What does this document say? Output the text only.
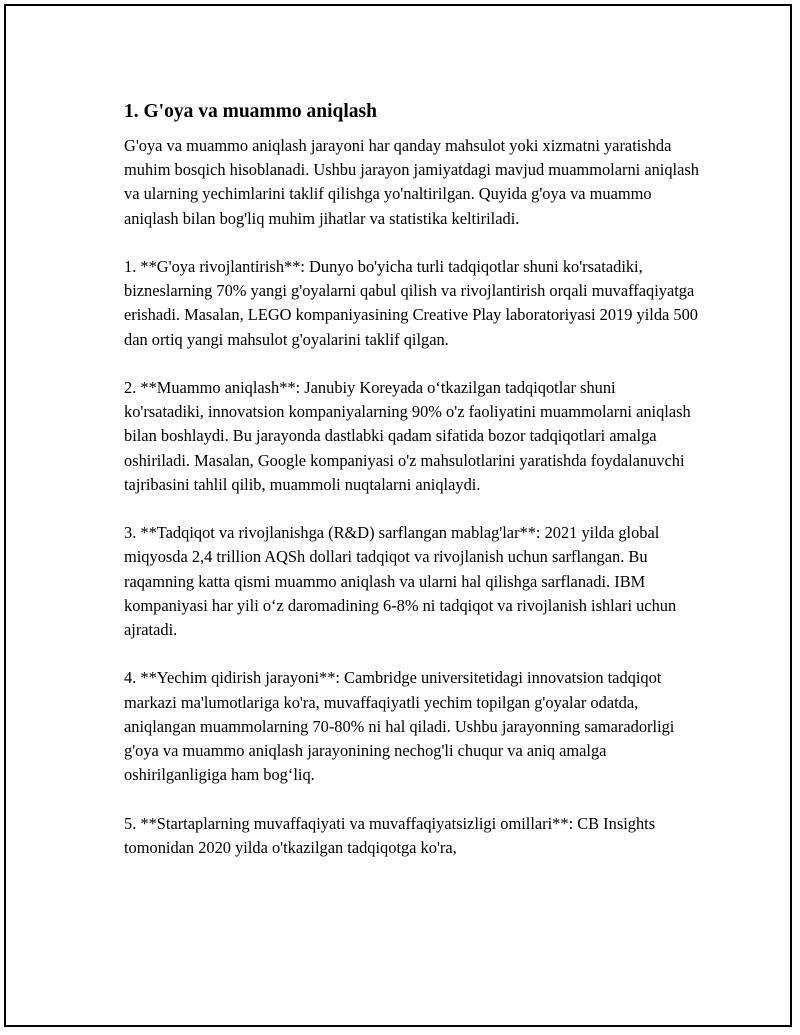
1. G'oya va muammo aniqlash

G'oya va muammo aniqlash jarayoni har qanday mahsulot yoki xizmatni yaratishda muhim bosqich hisoblanadi. Ushbu jarayon jamiyatdagi mavjud muammolarni aniqlash va ularning yechimlarini taklif qilishga yo'naltirilgan. Quyida g'oya va muammo aniqlash bilan bog'liq muhim jihatlar va statistika keltiriladi.

1. **G'oya rivojlantirish**: Dunyo bo'yicha turli tadqiqotlar shuni ko'rsatadiki, bizneslarning 70% yangi g'oyalarni qabul qilish va rivojlantirish orqali muvaffaqiyatga erishadi. Masalan, LEGO kompaniyasining Creative Play laboratoriyasi 2019 yilda 500 dan ortiq yangi mahsulot g'oyalarini taklif qilgan.

2. **Muammo aniqlash**: Janubiy Koreyada o‘tkazilgan tadqiqotlar shuni ko'rsatadiki, innovatsion kompaniyalarning 90% o'z faoliyatini muammolarni aniqlash bilan boshlaydi. Bu jarayonda dastlabki qadam sifatida bozor tadqiqotlari amalga oshiriladi. Masalan, Google kompaniyasi o'z mahsulotlarini yaratishda foydalanuvchi tajribasini tahlil qilib, muammoli nuqtalarni aniqlaydi.

3. **Tadqiqot va rivojlanishga (R&D) sarflangan mablag'lar**: 2021 yilda global miqyosda 2,4 trillion AQSh dollari tadqiqot va rivojlanish uchun sarflangan. Bu raqamning katta qismi muammo aniqlash va ularni hal qilishga sarflanadi. IBM kompaniyasi har yili o‘z daromadining 6-8% ni tadqiqot va rivojlanish ishlari uchun ajratadi.

4. **Yechim qidirish jarayoni**: Cambridge universitetidagi innovatsion tadqiqot markazi ma'lumotlariga ko'ra, muvaffaqiyatli yechim topilgan g'oyalar odatda, aniqlangan muammolarning 70-80% ni hal qiladi. Ushbu jarayonning samaradorligi g'oya va muammo aniqlash jarayonining nechog'li chuqur va aniq amalga oshirilganligiga ham bog‘liq.

5. **Startaplarning muvaffaqiyati va muvaffaqiyatsizligi omillari**: CB Insights tomonidan 2020 yilda o'tkazilgan tadqiqotga ko'ra,
